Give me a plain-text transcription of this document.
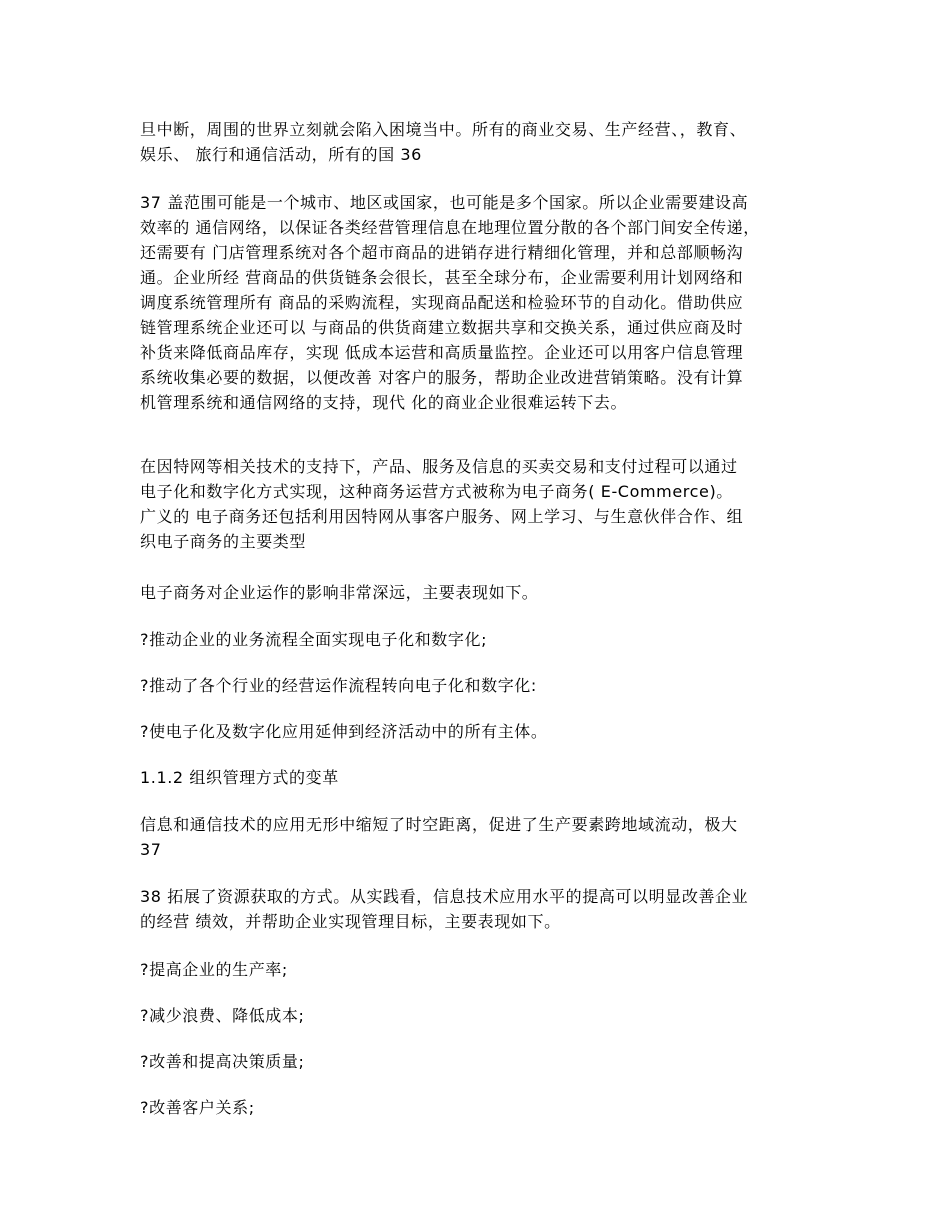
旦中断，周围的世界立刻就会陷入困境当中。所有的商业交易、生产经营、，教育、
娱乐、 旅行和通信活动，所有的国 36
37 盖范围可能是一个城市、地区或国家，也可能是多个国家。所以企业需要建设高
效率的 通信网络，以保证各类经营管理信息在地理位置分散的各个部门间安全传递，
还需要有 门店管理系统对各个超市商品的进销存进行精细化管理，并和总部顺畅沟
通。企业所经 营商品的供货链条会很长，甚至全球分布，企业需要利用计划网络和
调度系统管理所有 商品的采购流程，实现商品配送和检验环节的自动化。借助供应
链管理系统企业还可以 与商品的供货商建立数据共享和交换关系，通过供应商及时
补货来降低商品库存，实现 低成本运营和高质量监控。企业还可以用客户信息管理
系统收集必要的数据，以便改善 对客户的服务，帮助企业改进营销策略。没有计算
机管理系统和通信网络的支持，现代 化的商业企业很难运转下去。
在因特网等相关技术的支持下，产品、服务及信息的买卖交易和支付过程可以通过
电子化和数字化方式实现，这种商务运营方式被称为电子商务( E-Commerce)。
广义的 电子商务还包括利用因特网从事客户服务、网上学习、与生意伙伴合作、组
织电子商务的主要类型
电子商务对企业运作的影响非常深远，主要表现如下。
?推动企业的业务流程全面实现电子化和数字化;
?推动了各个行业的经营运作流程转向电子化和数字化:
?使电子化及数字化应用延伸到经济活动中的所有主体。
1.1.2 组织管理方式的变革
信息和通信技术的应用无形中缩短了时空距离，促进了生产要素跨地域流动，极大
37
38 拓展了资源获取的方式。从实践看，信息技术应用水平的提高可以明显改善企业
的经营 绩效，并帮助企业实现管理目标，主要表现如下。
?提高企业的生产率;
?减少浪费、降低成本;
?改善和提高决策质量;
?改善客户关系;
